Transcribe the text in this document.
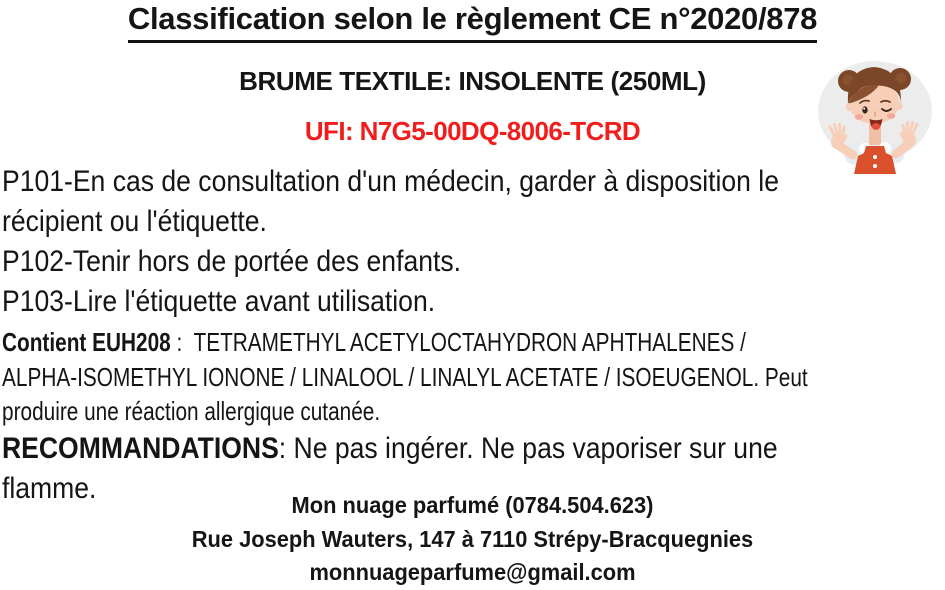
Classification selon le règlement CE n°2020/878
BRUME TEXTILE: INSOLENTE (250ML)
UFI: N7G5-00DQ-8006-TCRD
P101-En cas de consultation d'un médecin, garder à disposition le
récipient ou l'étiquette.
P102-Tenir hors de portée des enfants.
P103-Lire l'étiquette avant utilisation.
Contient EUH208 :  TETRAMETHYL ACETYLOCTAHYDRON APHTHALENES /
ALPHA-ISOMETHYL IONONE / LINALOOL / LINALYL ACETATE / ISOEUGENOL. Peut
produire une réaction allergique cutanée.
RECOMMANDATIONS: Ne pas ingérer. Ne pas vaporiser sur une
flamme.	Mon nuage parfumé (0784.504.623)
Rue Joseph Wauters, 147 à 7110 Strépy-Bracquegnies
monnuageparfume@gmail.com
